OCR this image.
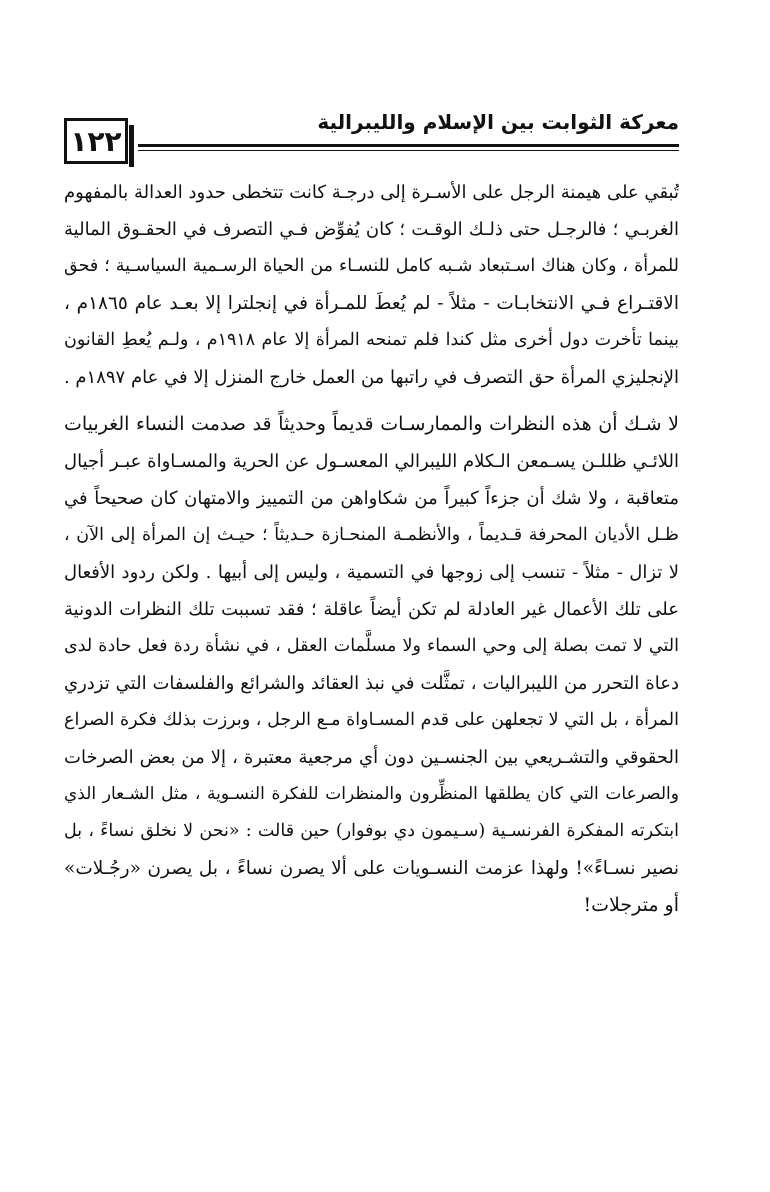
١٢٢
معركة الثوابت بين الإسلام والليبرالية

تُبقي على هيمنة الرجل على الأسـرة إلى درجـة كانت تتخطى حدود العدالة بالمفهوم
الغربـي ؛ فالرجـل حتى ذلـك الوقـت ؛ كان يُفوِّض فـي التصرف في الحقـوق المالية
للمرأة ، وكان هناك اسـتبعاد شـبه كامل للنسـاء من الحياة الرسـمية السياسـية ؛ فحق
الاقتـراع فـي الانتخابـات - مثلاً - لم يُعطَ للمـرأة في إنجلترا إلا بعـد عام ١٨٦٥م ،
بينما تأخرت دول أخرى مثل كندا فلم تمنحه المرأة إلا عام ١٩١٨م ، ولـم يُعطِ القانون
الإنجليزي المرأة حق التصرف في راتبها من العمل خارج المنزل إلا في عام ١٨٩٧م .

لا شـك أن هذه النظرات والممارسـات قديماً وحديثاً قد صدمت النساء الغربيات
اللائـي ظللـن يسـمعن الـكلام الليبرالي المعسـول عن الحرية والمسـاواة عبـر أجيال
متعاقبة ، ولا شك أن جزءاً كبيراً من شكاواهن من التمييز والامتهان كان صحيحاً في
ظـل الأديان المحرفة قـديماً ، والأنظمـة المنحـازة حـديثاً ؛ حيـث إن المرأة إلى الآن ،
لا تزال - مثلاً - تنسب إلى زوجها في التسمية ، وليس إلى أبيها . ولكن ردود الأفعال
على تلك الأعمال غير العادلة لم تكن أيضاً عاقلة ؛ فقد تسببت تلك النظرات الدونية
التي لا تمت بصلة إلى وحي السماء ولا مسلَّمات العقل ، في نشأة ردة فعل حادة لدى
دعاة التحرر من الليبراليات ، تمثَّلت في نبذ العقائد والشرائع والفلسفات التي تزدري
المرأة ، بل التي لا تجعلهن على قدم المسـاواة مـع الرجل ، وبرزت بذلك فكرة الصراع
الحقوقي والتشـريعي بين الجنسـين دون أي مرجعية معتبرة ، إلا من بعض الصرخات
والصرعات التي كان يطلقها المنظِّرون والمنظرات للفكرة النسـوية ، مثل الشـعار الذي
ابتكرته المفكرة الفرنسـية (سـيمون دي بوفوار) حين قالت : «نحن لا نخلق نساءً ، بل
نصير نسـاءً»! ولهذا عزمت النسـويات على ألا يصرن نساءً ، بل يصرن «رجُـلات»
أو مترجلات!
